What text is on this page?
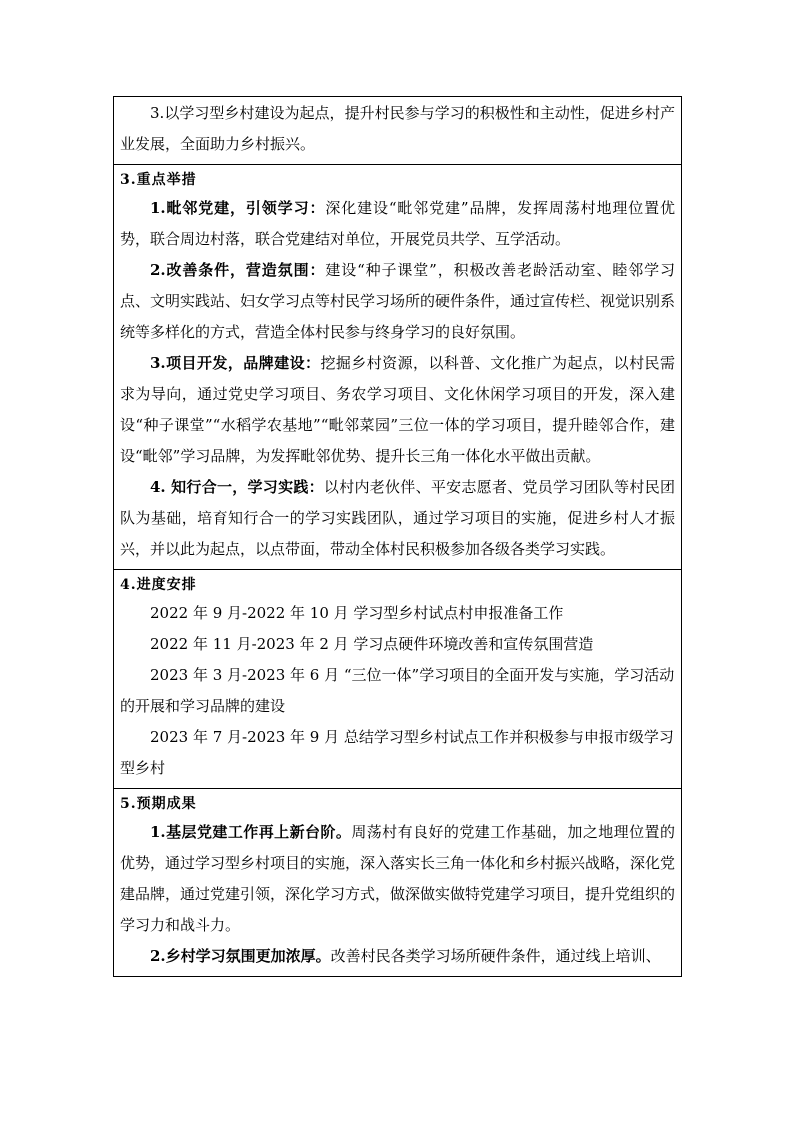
3.以学习型乡村建设为起点，提升村民参与学习的积极性和主动性，促进乡村产业发展，全面助力乡村振兴。

3.重点举措

1.毗邻党建，引领学习：深化建设“毗邻党建”品牌，发挥周荡村地理位置优势，联合周边村落，联合党建结对单位，开展党员共学、互学活动。

2.改善条件，营造氛围：建设“种子课堂”，积极改善老龄活动室、睦邻学习点、文明实践站、妇女学习点等村民学习场所的硬件条件，通过宣传栏、视觉识别系统等多样化的方式，营造全体村民参与终身学习的良好氛围。

3.项目开发，品牌建设：挖掘乡村资源，以科普、文化推广为起点，以村民需求为导向，通过党史学习项目、务农学习项目、文化休闲学习项目的开发，深入建设“种子课堂”“水稻学农基地”“毗邻菜园”三位一体的学习项目，提升睦邻合作，建设“毗邻”学习品牌，为发挥毗邻优势、提升长三角一体化水平做出贡献。

4. 知行合一，学习实践：以村内老伙伴、平安志愿者、党员学习团队等村民团队为基础，培育知行合一的学习实践团队，通过学习项目的实施，促进乡村人才振兴，并以此为起点，以点带面，带动全体村民积极参加各级各类学习实践。

4.进度安排

2022 年 9 月-2022 年 10 月 学习型乡村试点村申报准备工作

2022 年 11 月-2023 年 2 月 学习点硬件环境改善和宣传氛围营造

2023 年 3 月-2023 年 6 月 “三位一体”学习项目的全面开发与实施，学习活动的开展和学习品牌的建设

2023 年 7 月-2023 年 9 月 总结学习型乡村试点工作并积极参与申报市级学习型乡村

5.预期成果

1.基层党建工作再上新台阶。周荡村有良好的党建工作基础，加之地理位置的优势，通过学习型乡村项目的实施，深入落实长三角一体化和乡村振兴战略，深化党建品牌，通过党建引领，深化学习方式，做深做实做特党建学习项目，提升党组织的学习力和战斗力。

2.乡村学习氛围更加浓厚。改善村民各类学习场所硬件条件，通过线上培训、
